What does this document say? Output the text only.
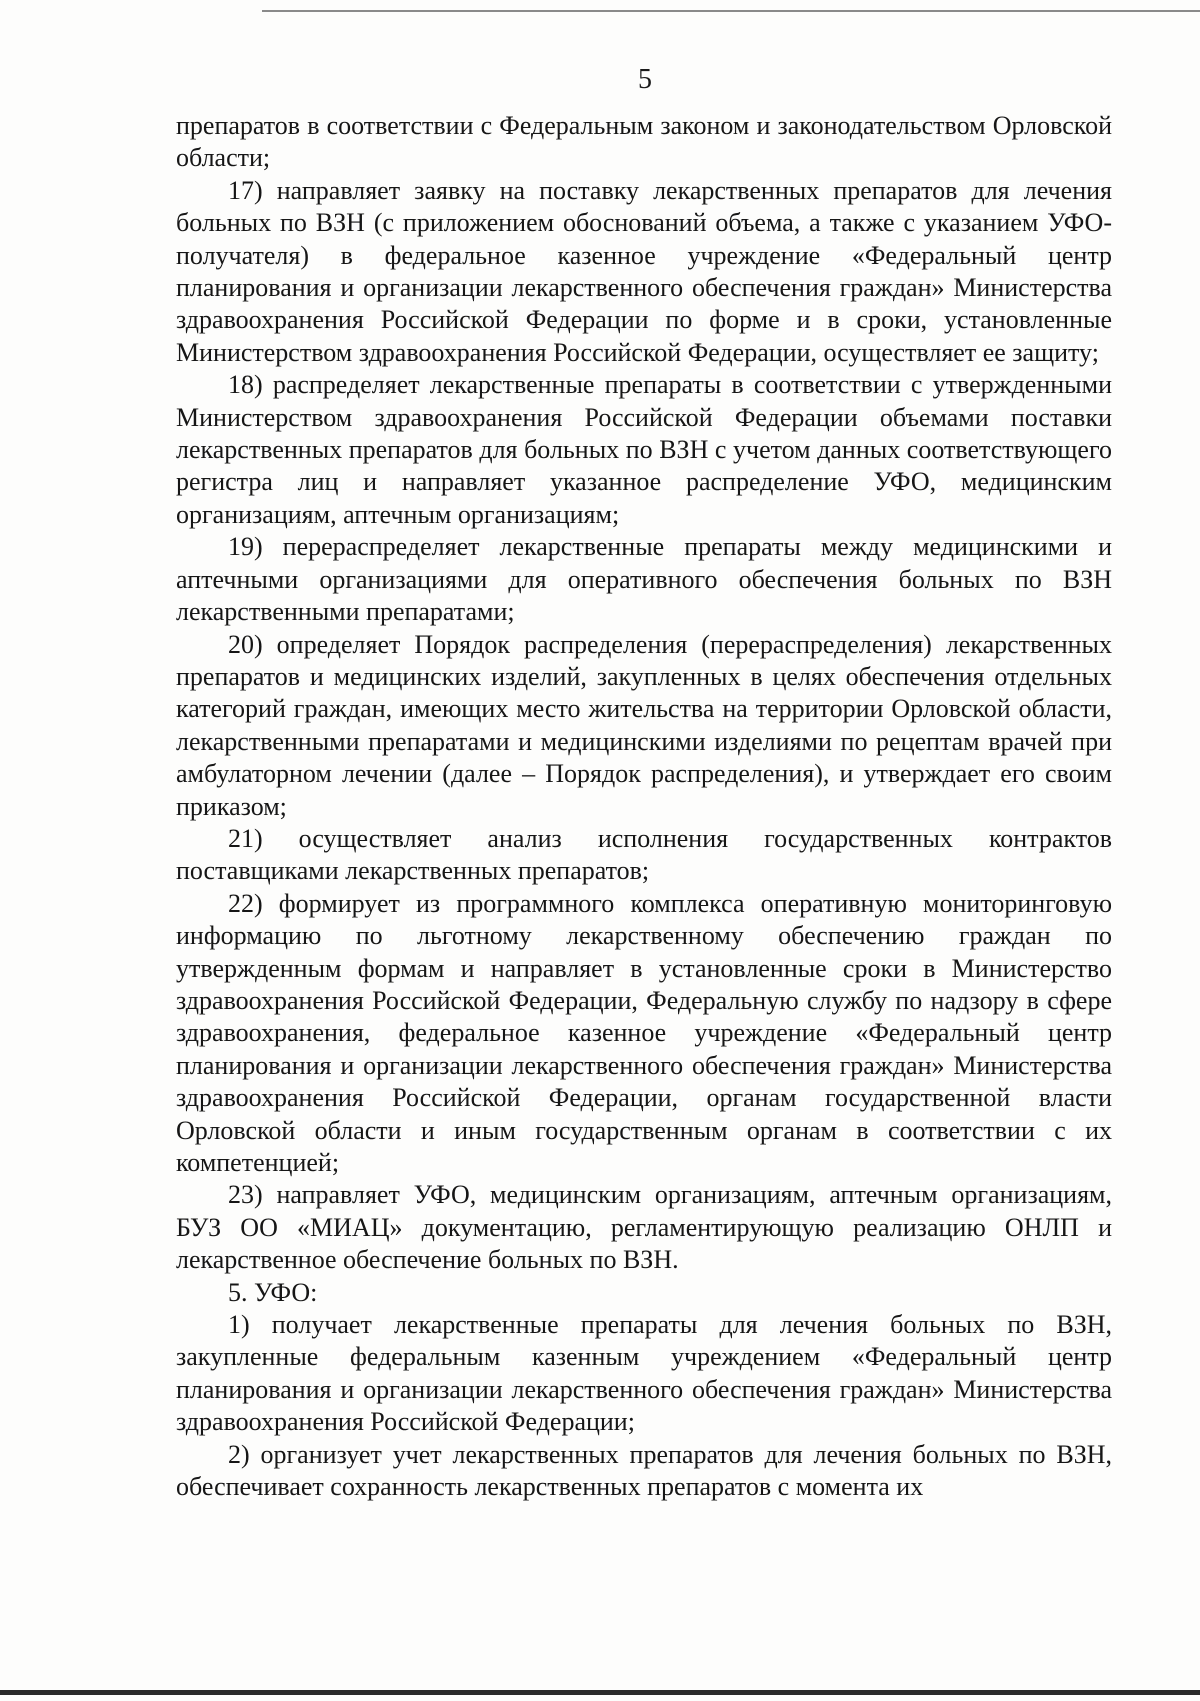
5

препаратов в соответствии с Федеральным законом и законодательством Орловской области;

17) направляет заявку на поставку лекарственных препаратов для лечения больных по ВЗН (с приложением обоснований объема, а также с указанием УФО-получателя) в федеральное казенное учреждение «Федеральный центр планирования и организации лекарственного обеспечения граждан» Министерства здравоохранения Российской Федерации по форме и в сроки, установленные Министерством здравоохранения Российской Федерации, осуществляет ее защиту;

18) распределяет лекарственные препараты в соответствии с утвержденными Министерством здравоохранения Российской Федерации объемами поставки лекарственных препаратов для больных по ВЗН с учетом данных соответствующего регистра лиц и направляет указанное распределение УФО, медицинским организациям, аптечным организациям;

19) перераспределяет лекарственные препараты между медицинскими и аптечными организациями для оперативного обеспечения больных по ВЗН лекарственными препаратами;

20) определяет Порядок распределения (перераспределения) лекарственных препаратов и медицинских изделий, закупленных в целях обеспечения отдельных категорий граждан, имеющих место жительства на территории Орловской области, лекарственными препаратами и медицинскими изделиями по рецептам врачей при амбулаторном лечении (далее – Порядок распределения), и утверждает его своим приказом;

21) осуществляет анализ исполнения государственных контрактов поставщиками лекарственных препаратов;

22) формирует из программного комплекса оперативную мониторинговую информацию по льготному лекарственному обеспечению граждан по утвержденным формам и направляет в установленные сроки в Министерство здравоохранения Российской Федерации, Федеральную службу по надзору в сфере здравоохранения, федеральное казенное учреждение «Федеральный центр планирования и организации лекарственного обеспечения граждан» Министерства здравоохранения Российской Федерации, органам государственной власти Орловской области и иным государственным органам в соответствии с их компетенцией;

23) направляет УФО, медицинским организациям, аптечным организациям, БУЗ ОО «МИАЦ» документацию, регламентирующую реализацию ОНЛП и лекарственное обеспечение больных по ВЗН.

5. УФО:

1) получает лекарственные препараты для лечения больных по ВЗН, закупленные федеральным казенным учреждением «Федеральный центр планирования и организации лекарственного обеспечения граждан» Министерства здравоохранения Российской Федерации;

2) организует учет лекарственных препаратов для лечения больных по ВЗН, обеспечивает сохранность лекарственных препаратов с момента их
